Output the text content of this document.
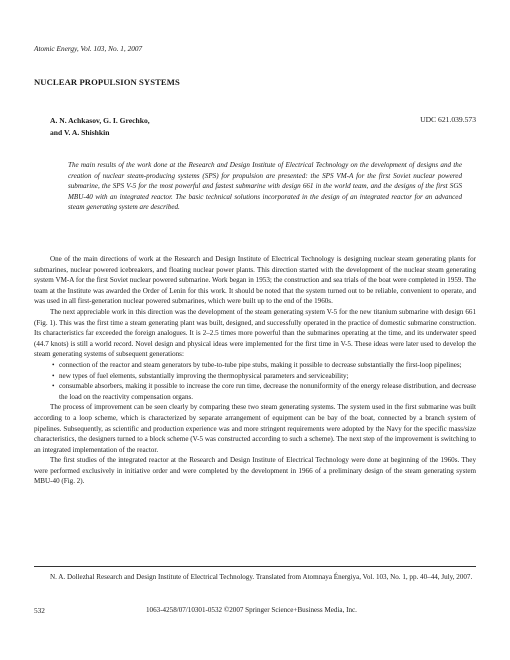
Atomic Energy, Vol. 103, No. 1, 2007
NUCLEAR PROPULSION SYSTEMS
A. N. Achkasov, G. I. Grechko,
and V. A. Shishkin
UDC 621.039.573

The main results of the work done at the Research and Design Institute of Electrical Technology on the development of designs and the creation of nuclear steam-producing systems (SPS) for propulsion are presented: the SPS VM-A for the first Soviet nuclear powered submarine, the SPS V-5 for the most powerful and fastest submarine with design 661 in the world team, and the designs of the first SGS MBU-40 with an integrated reactor. The basic technical solutions incorporated in the design of an integrated reactor for an advanced steam generating system are described.

One of the main directions of work at the Research and Design Institute of Electrical Technology is designing nuclear steam generating plants for submarines, nuclear powered icebreakers, and floating nuclear power plants. This direction started with the development of the nuclear steam generating system VM-A for the first Soviet nuclear powered submarine. Work began in 1953; the construction and sea trials of the boat were completed in 1959. The team at the Institute was awarded the Order of Lenin for this work. It should be noted that the system turned out to be reliable, convenient to operate, and was used in all first-generation nuclear powered submarines, which were built up to the end of the 1960s.

The next appreciable work in this direction was the development of the steam generating system V-5 for the new titanium submarine with design 661 (Fig. 1). This was the first time a steam generating plant was built, designed, and successfully operated in the practice of domestic submarine construction. Its characteristics far exceeded the foreign analogues. It is 2–2.5 times more powerful than the submarines operating at the time, and its underwater speed (44.7 knots) is still a world record. Novel design and physical ideas were implemented for the first time in V-5. These ideas were later used to develop the steam generating systems of subsequent generations:

• connection of the reactor and steam generators by tube-to-tube pipe stubs, making it possible to decrease substantially the first-loop pipelines;
• new types of fuel elements, substantially improving the thermophysical parameters and serviceability;
• consumable absorbers, making it possible to increase the core run time, decrease the nonuniformity of the energy release distribution, and decrease the load on the reactivity compensation organs.

The process of improvement can be seen clearly by comparing these two steam generating systems. The system used in the first submarine was built according to a loop scheme, which is characterized by separate arrangement of equipment can be bay of the boat, connected by a branch system of pipelines. Subsequently, as scientific and production experience was and more stringent requirements were adopted by the Navy for the specific mass/size characteristics, the designers turned to a block scheme (V-5 was constructed according to such a scheme). The next step of the improvement is switching to an integrated implementation of the reactor.

The first studies of the integrated reactor at the Research and Design Institute of Electrical Technology were done at beginning of the 1960s. They were performed exclusively in initiative order and were completed by the development in 1966 of a preliminary design of the steam generating system MBU-40 (Fig. 2).

N. A. Dollezhal Research and Design Institute of Electrical Technology. Translated from Atomnaya Énergiya, Vol. 103, No. 1, pp. 40–44, July, 2007.

532	1063-4258/07/10301-0532 ©2007 Springer Science+Business Media, Inc.
